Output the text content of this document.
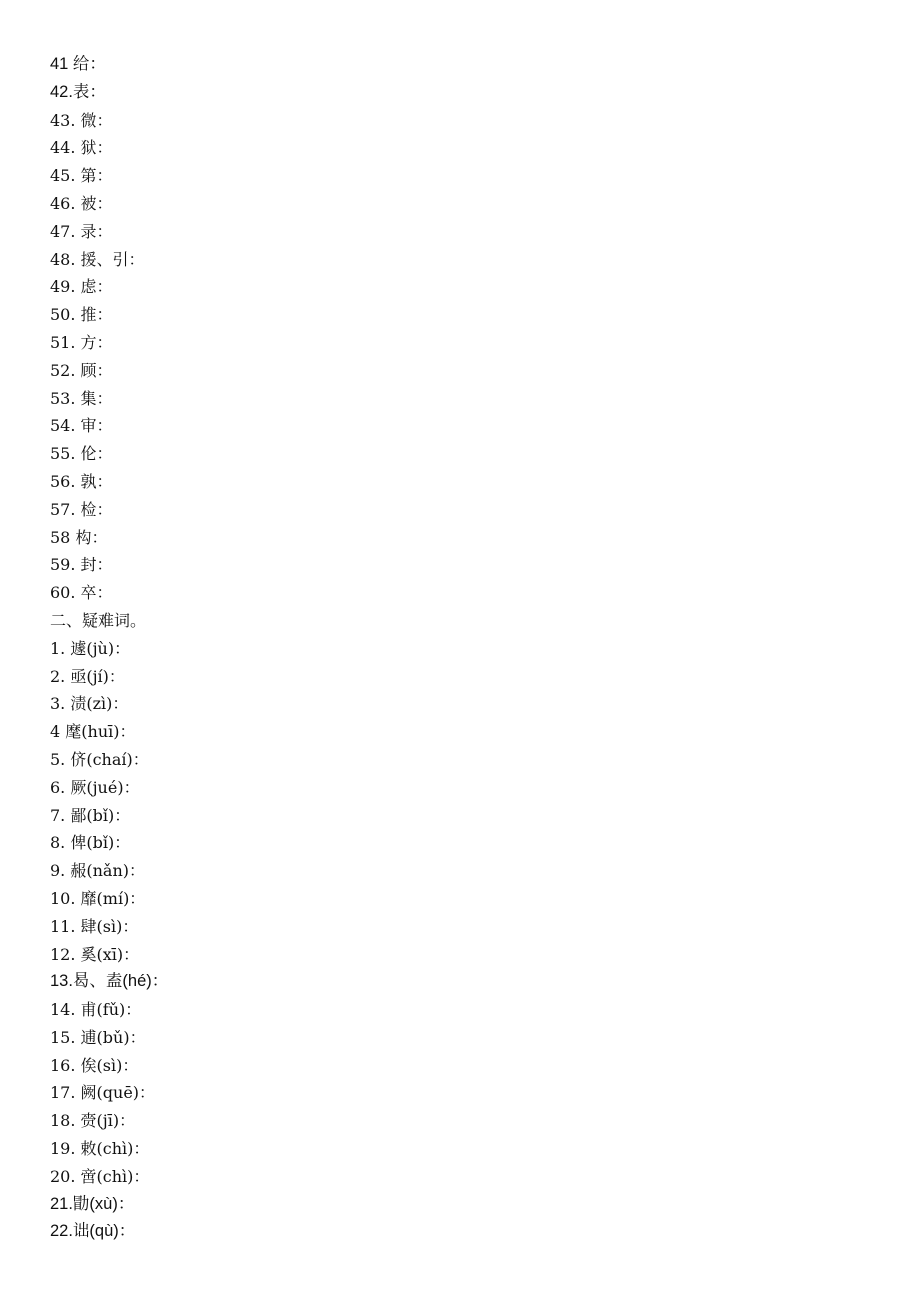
41 给：
42.表：
43. 微：
44. 狱：
45. 第：
46. 被：
47. 录：
48. 援、引：
49. 虑：
50. 推：
51. 方：
52. 顾：
53. 集：
54. 审：
55. 伦：
56. 孰：
57. 检：
58 构：
59. 封：
60. 卒：
二、疑难词。
1. 遽(jù)：
2. 亟(jí)：
3. 渍(zì)：
4 麾(huī)：
5. 侪(chaí)：
6. 厥(jué)：
7. 鄙(bǐ)：
8. 俾(bǐ)：
9. 赧(nǎn)：
10. 靡(mí)：
11. 肆(sì)：
12. 奚(xī)：
13.曷、盍(hé)：
14. 甫(fǔ)：
15. 逋(bǔ)：
16. 俟(sì)：
17. 阙(quē)：
18. 赍(jī)：
19. 敕(chì)：
20. 啻(chì)：
21.勖(xù)：
22.诎(qù)：
